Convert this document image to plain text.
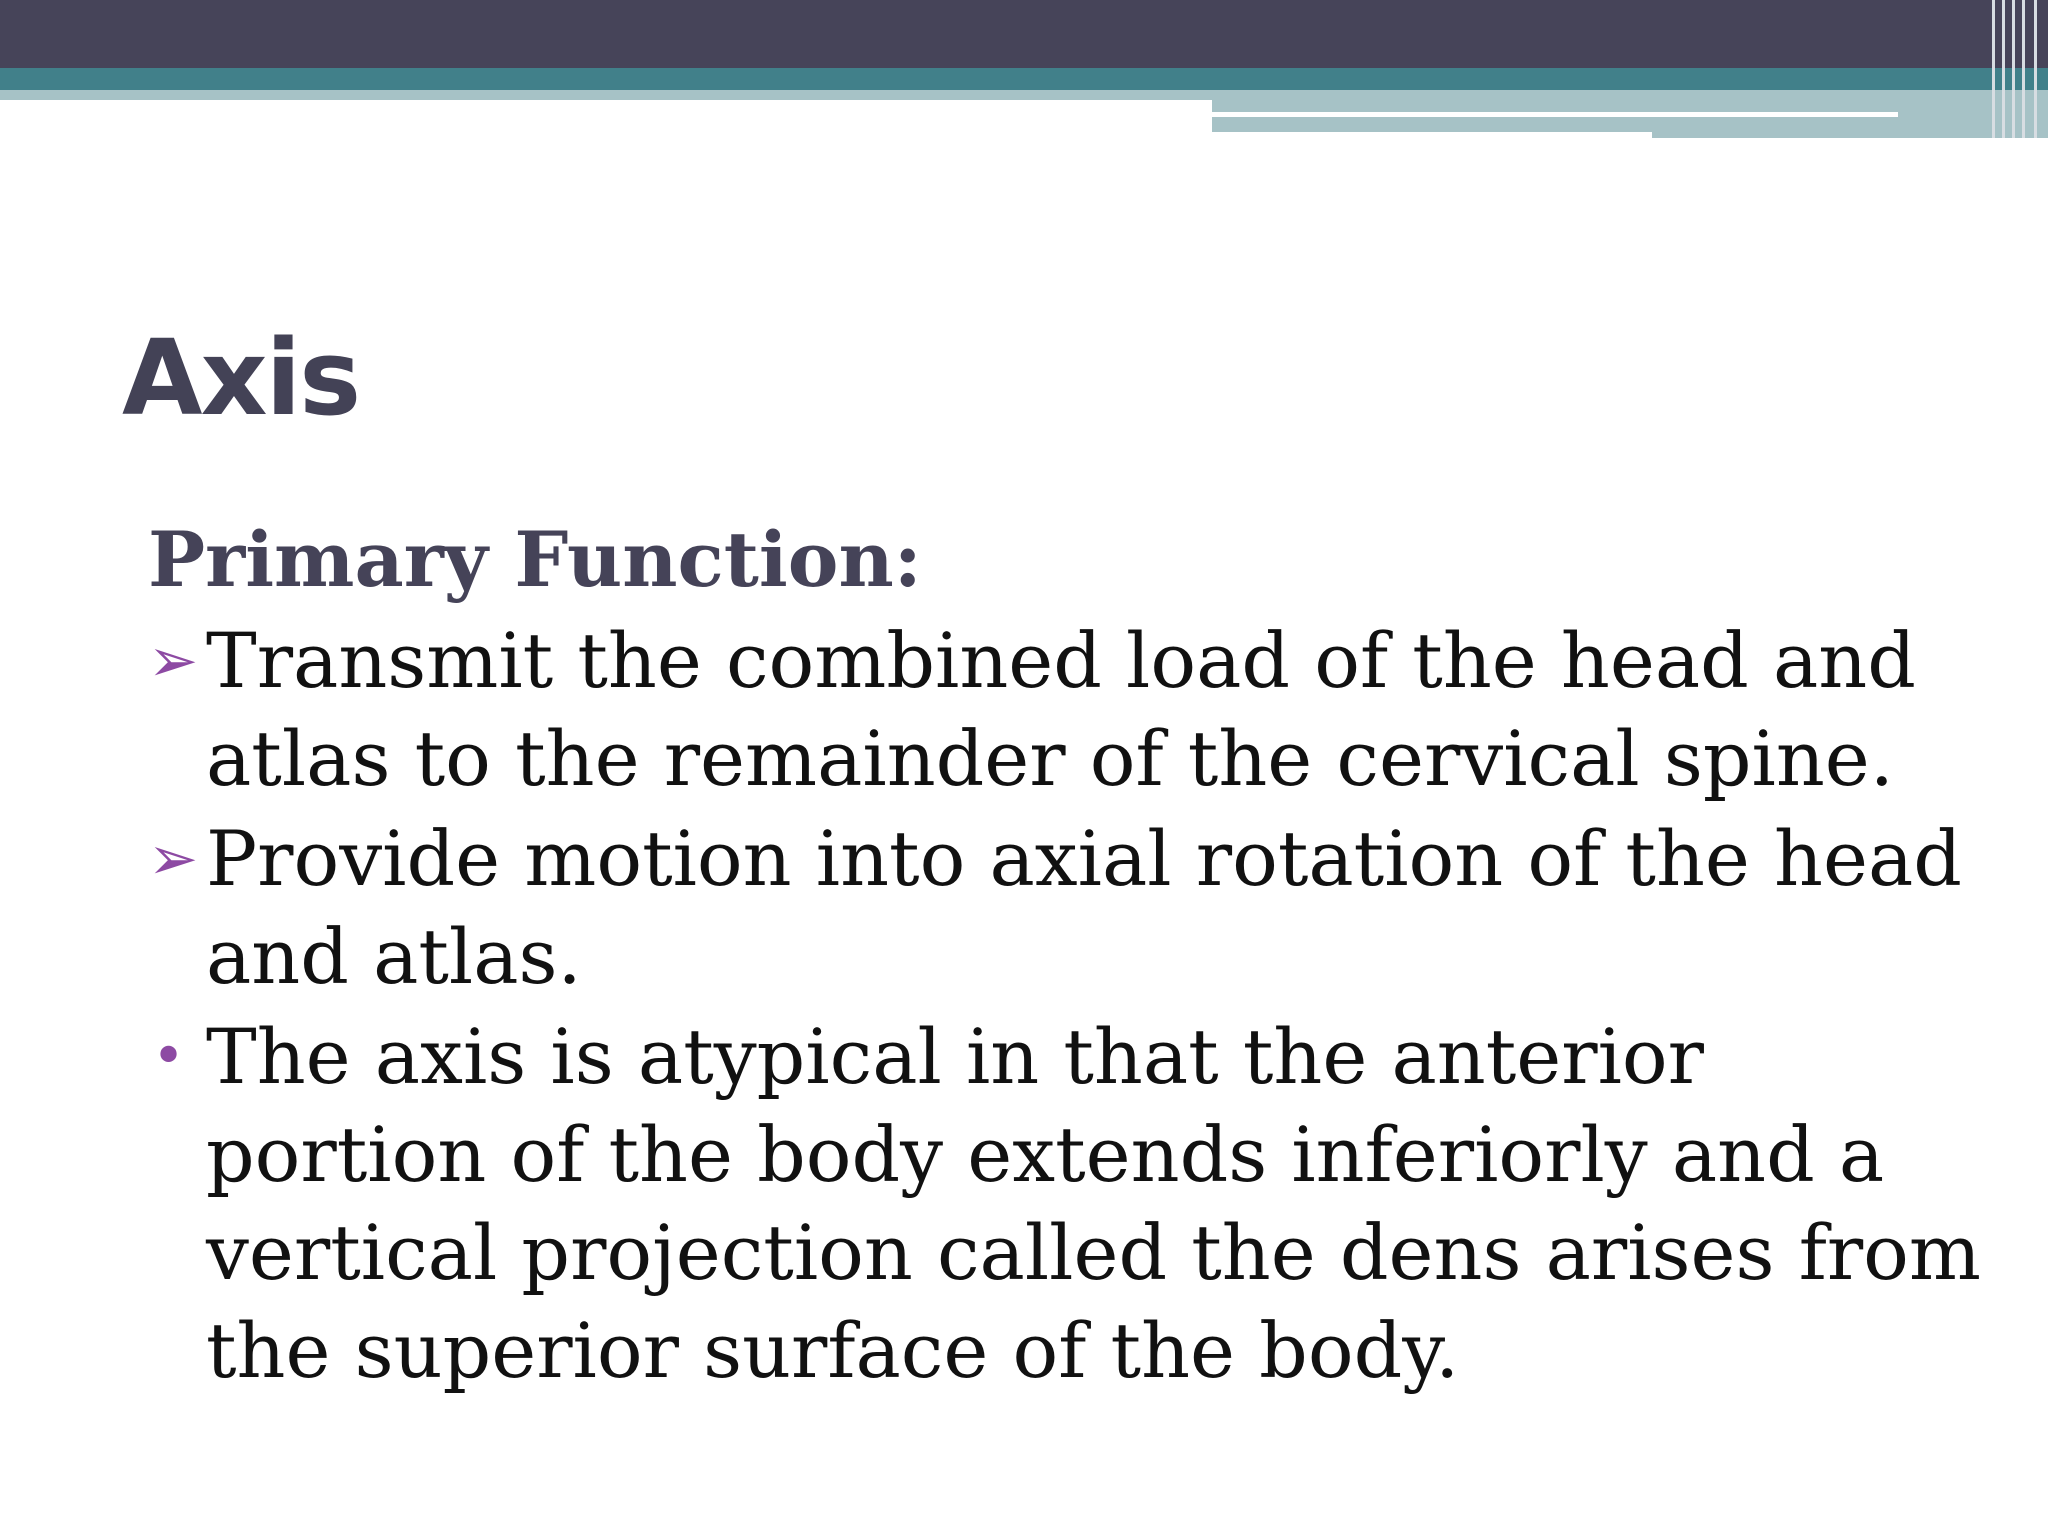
Axis

Primary Function:

➢ Transmit the combined load of the head and atlas to the remainder of the cervical spine.

➢ Provide motion into axial rotation of the head and atlas.

• The axis is atypical in that the anterior portion of the body extends inferiorly and a vertical projection called the dens arises from the superior surface of the body.
